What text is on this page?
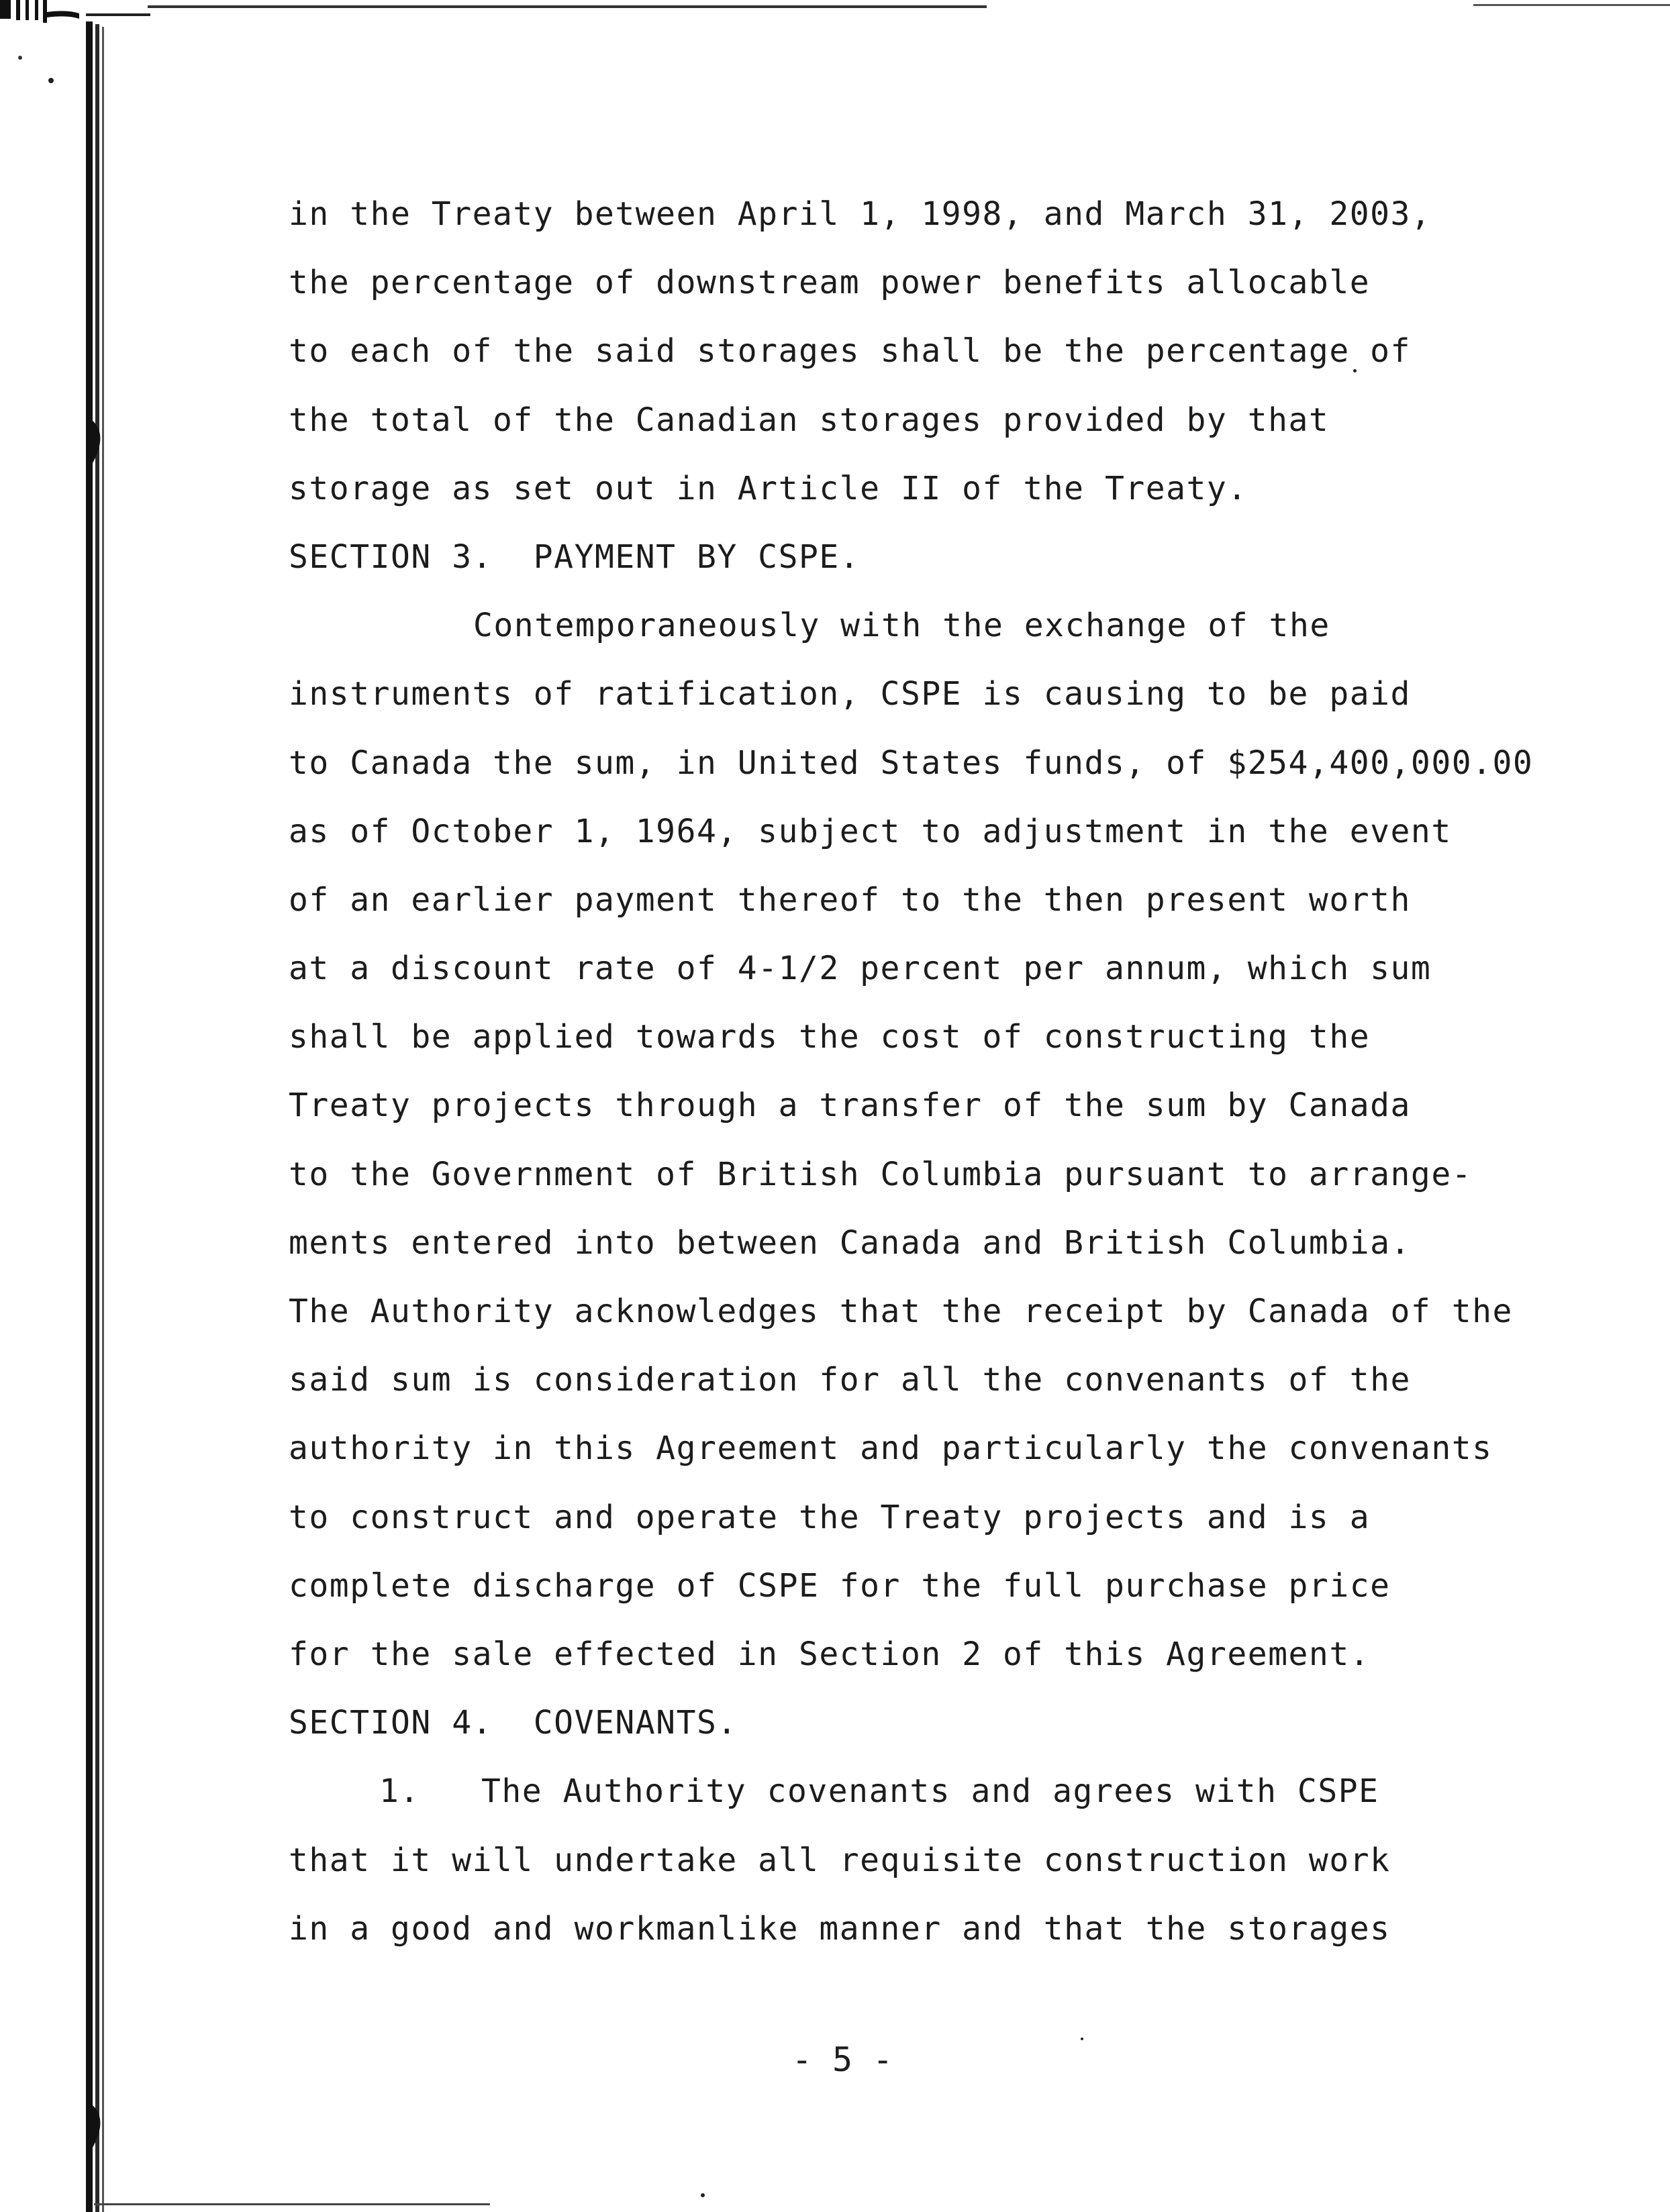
in the Treaty between April 1, 1998, and March 31, 2003,
the percentage of downstream power benefits allocable
to each of the said storages shall be the percentage of
the total of the Canadian storages provided by that
storage as set out in Article II of the Treaty.
SECTION 3.  PAYMENT BY CSPE.
Contemporaneously with the exchange of the
instruments of ratification, CSPE is causing to be paid
to Canada the sum, in United States funds, of $254,400,000.00
as of October 1, 1964, subject to adjustment in the event
of an earlier payment thereof to the then present worth
at a discount rate of 4-1/2 percent per annum, which sum
shall be applied towards the cost of constructing the
Treaty projects through a transfer of the sum by Canada
to the Government of British Columbia pursuant to arrange-
ments entered into between Canada and British Columbia.
The Authority acknowledges that the receipt by Canada of the
said sum is consideration for all the convenants of the
authority in this Agreement and particularly the convenants
to construct and operate the Treaty projects and is a
complete discharge of CSPE for the full purchase price
for the sale effected in Section 2 of this Agreement.
SECTION 4.  COVENANTS.
1.   The Authority covenants and agrees with CSPE
that it will undertake all requisite construction work
in a good and workmanlike manner and that the storages
- 5 -
